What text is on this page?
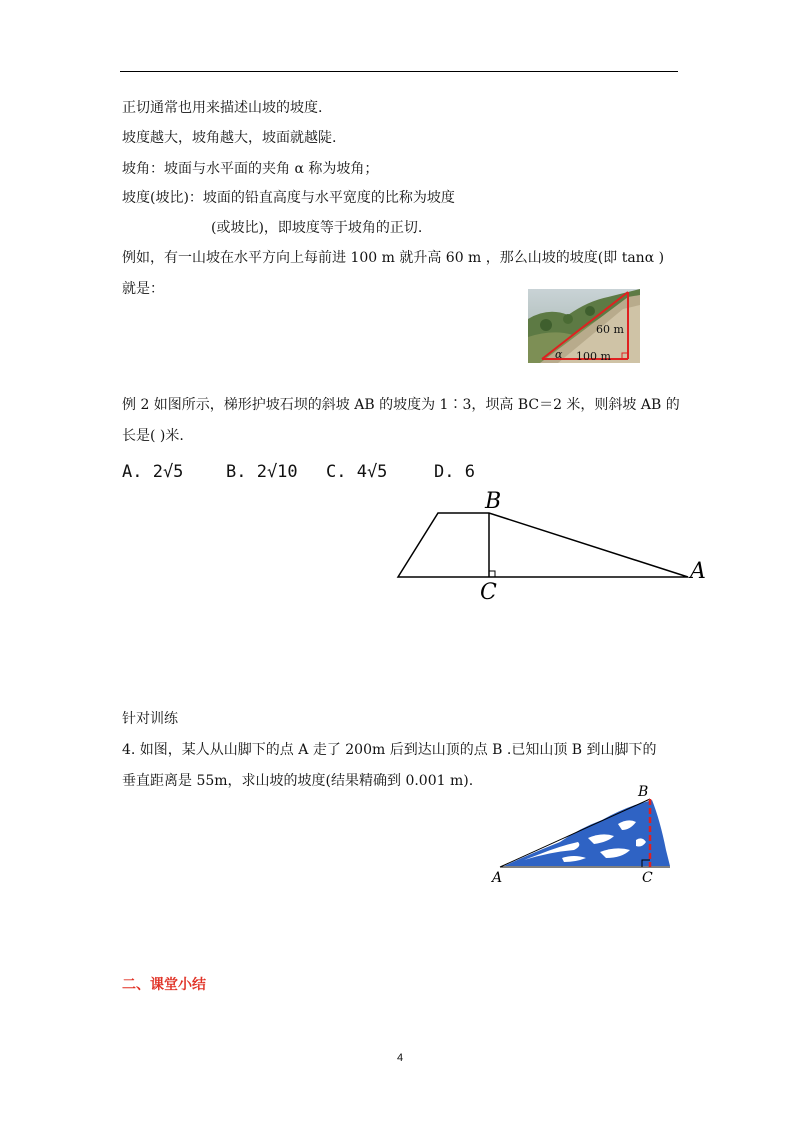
正切通常也用来描述山坡的坡度.
坡度越大，坡角越大，坡面就越陡.
坡角：坡面与水平面的夹角 α 称为坡角；
坡度(坡比)：坡面的铅直高度与水平宽度的比称为坡度
(或坡比)，即坡度等于坡角的正切.
例如，有一山坡在水平方向上每前进 100 m 就升高 60 m ，那么山坡的坡度(即 tanα )
就是：
60 m
100 m
α
例 2 如图所示，梯形护坡石坝的斜坡 AB 的坡度为 1∶3，坝高 BC＝2 米，则斜坡 AB 的
长是( )米.
A. 2√5	B. 2√10 C. 4√5	D. 6
B
C
A
针对训练
4. 如图，某人从山脚下的点 A 走了 200m 后到达山顶的点 B .已知山顶 B 到山脚下的
垂直距离是 55m，求山坡的坡度(结果精确到 0.001 m).
B
A	C
二、课堂小结
4
